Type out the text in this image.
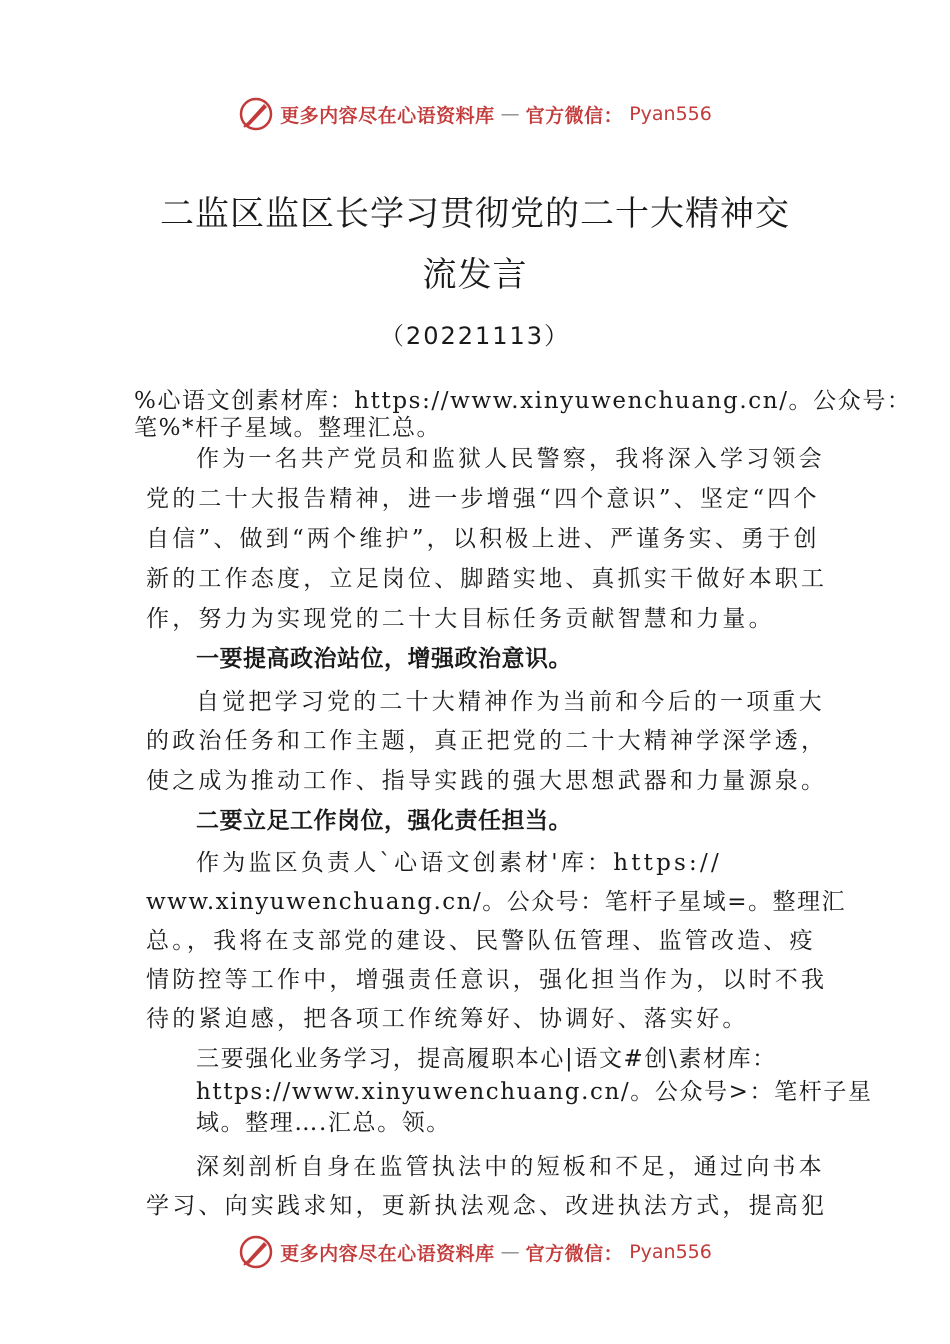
更多内容尽在心语资料库 — 官方微信： Pyan556
二监区监区长学习贯彻党的二十大精神交
流发言
（20221113）
%心语文创素材库：https://www.xinyuwenchuang.cn/。公众号：
笔%*杆子星域。整理汇总。
作为一名共产党员和监狱人民警察，我将深入学习领会
党的二十大报告精神，进一步增强“四个意识”、坚定“四个
自信”、做到“两个维护”，以积极上进、严谨务实、勇于创
新的工作态度，立足岗位、脚踏实地、真抓实干做好本职工
作，努力为实现党的二十大目标任务贡献智慧和力量。
一要提高政治站位，增强政治意识。
自觉把学习党的二十大精神作为当前和今后的一项重大
的政治任务和工作主题，真正把党的二十大精神学深学透，
使之成为推动工作、指导实践的强大思想武器和力量源泉。
二要立足工作岗位，强化责任担当。
作为监区负责人`心语文创素材'库：https://
www.xinyuwenchuang.cn/。公众号：笔杆子星域=。整理汇
总。，我将在支部党的建设、民警队伍管理、监管改造、疫
情防控等工作中，增强责任意识，强化担当作为，以时不我
待的紧迫感，把各项工作统筹好、协调好、落实好。
三要强化业务学习，提高履职本心|语文#创\素材库：
https://www.xinyuwenchuang.cn/。公众号>：笔杆子星
域。整理….汇总。领。
深刻剖析自身在监管执法中的短板和不足，通过向书本
学习、向实践求知，更新执法观念、改进执法方式，提高犯
更多内容尽在心语资料库 — 官方微信： Pyan556
